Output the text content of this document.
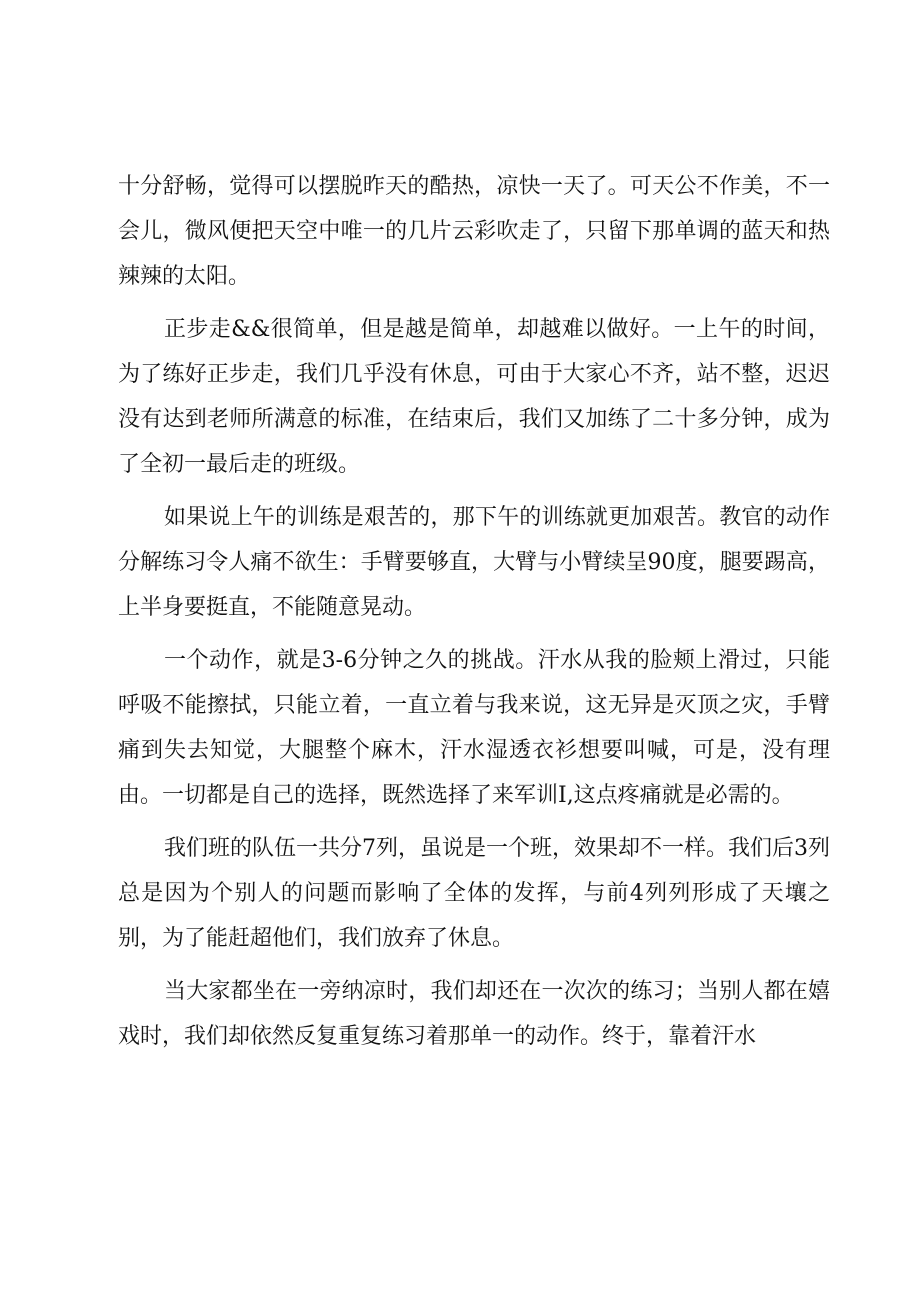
十分舒畅，觉得可以摆脱昨天的酷热，凉快一天了。可天公不作美，不一会儿，微风便把天空中唯一的几片云彩吹走了，只留下那单调的蓝天和热辣辣的太阳。

正步走&&很简单，但是越是简单，却越难以做好。一上午的时间，为了练好正步走，我们几乎没有休息，可由于大家心不齐，站不整，迟迟没有达到老师所满意的标准，在结束后，我们又加练了二十多分钟，成为了全初一最后走的班级。

如果说上午的训练是艰苦的，那下午的训练就更加艰苦。教官的动作分解练习令人痛不欲生：手臂要够直，大臂与小臂续呈90度，腿要踢高，上半身要挺直，不能随意晃动。

一个动作，就是3-6分钟之久的挑战。汗水从我的脸颊上滑过，只能呼吸不能擦拭，只能立着，一直立着与我来说，这无异是灭顶之灾，手臂痛到失去知觉，大腿整个麻木，汗水湿透衣衫想要叫喊，可是，没有理由。一切都是自己的选择，既然选择了来军训I,这点疼痛就是必需的。

我们班的队伍一共分7列，虽说是一个班，效果却不一样。我们后3列总是因为个别人的问题而影响了全体的发挥，与前4列列形成了天壤之别，为了能赶超他们，我们放弃了休息。

当大家都坐在一旁纳凉时，我们却还在一次次的练习；当别人都在嬉戏时，我们却依然反复重复练习着那单一的动作。终于，靠着汗水
